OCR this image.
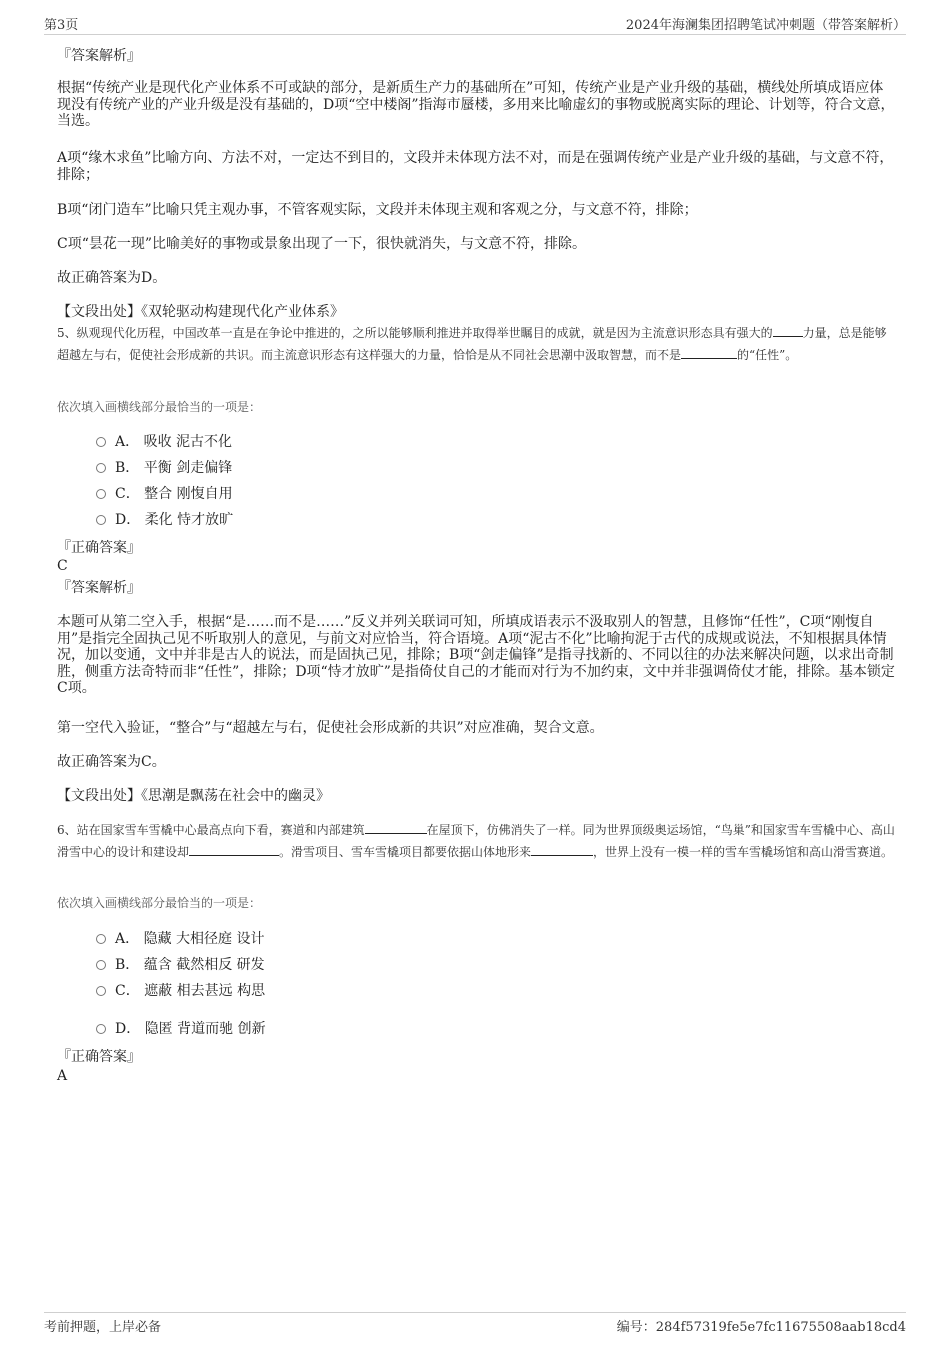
第3页	2024年海澜集团招聘笔试冲刺题（带答案解析）
『答案解析』

根据“传统产业是现代化产业体系不可或缺的部分，是新质生产力的基础所在”可知，传统产业是产业升级的基础，横线处所填成语应体现没有传统产业的产业升级是没有基础的，D项“空中楼阁”指海市蜃楼，多用来比喻虚幻的事物或脱离实际的理论、计划等，符合文意，当选。

A项“缘木求鱼”比喻方向、方法不对，一定达不到目的，文段并未体现方法不对，而是在强调传统产业是产业升级的基础，与文意不符，排除；

B项“闭门造车”比喻只凭主观办事，不管客观实际，文段并未体现主观和客观之分，与文意不符，排除；

C项“昙花一现”比喻美好的事物或景象出现了一下，很快就消失，与文意不符，排除。

故正确答案为D。

【文段出处】《双轮驱动构建现代化产业体系》

5、纵观现代化历程，中国改革一直是在争论中推进的，之所以能够顺利推进并取得举世瞩目的成就，就是因为主流意识形态具有强大的	力量，总是能够超越左与右，促使社会形成新的共识。而主流意识形态有这样强大的力量，恰恰是从不同社会思潮中汲取智慧，而不是	的“任性”。

依次填入画横线部分最恰当的一项是：

A． 吸收 泥古不化
B． 平衡 剑走偏锋
C． 整合 刚愎自用
D． 柔化 恃才放旷
『正确答案』
C
『答案解析』

本题可从第二空入手，根据“是……而不是……”反义并列关联词可知，所填成语表示不汲取别人的智慧，且修饰“任性”，C项“刚愎自用”是指完全固执己见不听取别人的意见，与前文对应恰当，符合语境。A项“泥古不化”比喻拘泥于古代的成规或说法，不知根据具体情况，加以变通，文中并非是古人的说法，而是固执己见，排除；B项“剑走偏锋”是指寻找新的、不同以往的办法来解决问题，以求出奇制胜，侧重方法奇特而非“任性”，排除；D项“恃才放旷”是指倚仗自己的才能而对行为不加约束，文中并非强调倚仗才能，排除。基本锁定C项。

第一空代入验证，“整合”与“超越左与右，促使社会形成新的共识”对应准确，契合文意。

故正确答案为C。

【文段出处】《思潮是飘荡在社会中的幽灵》

6、站在国家雪车雪橇中心最高点向下看，赛道和内部建筑	在屋顶下，仿佛消失了一样。同为世界顶级奥运场馆，“鸟巢”和国家雪车雪橇中心、高山滑雪中心的设计和建设却	。滑雪项目、雪车雪橇项目都要依据山体地形来	，世界上没有一模一样的雪车雪橇场馆和高山滑雪赛道。

依次填入画横线部分最恰当的一项是：

A． 隐藏 大相径庭 设计
B． 蕴含 截然相反 研发
C． 遮蔽 相去甚远 构思
D． 隐匿 背道而驰 创新
『正确答案』
A
考前押题，上岸必备	编号：284f57319fe5e7fc11675508aab18cd4
